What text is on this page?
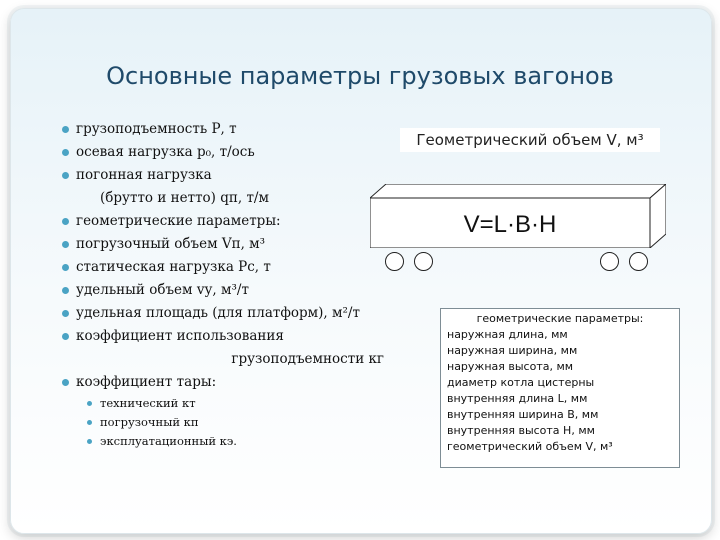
Основные параметры грузовых вагонов
грузоподъемность Р, т
осевая нагрузка р₀, т/ось
погонная нагрузка
(брутто и нетто) qп, т/м
геометрические параметры:
погрузочный объем Vп, м³
статическая нагрузка Рс, т
удельный объем vу, м³/т
удельная площадь (для платформ), м²/т
коэффициент использования
грузоподъемности кг
коэффициент тары:
технический кт
погрузочный кп
эксплуатационный кэ.
Геометрический объем V, м³
V=L·B·H
геометрические параметры:
наружная длина, мм
наружная ширина, мм
наружная высота, мм
диаметр котла цистерны
внутренняя длина L, мм
внутренняя ширина В, мм
внутренняя высота Н, мм
геометрический объем V, м³
